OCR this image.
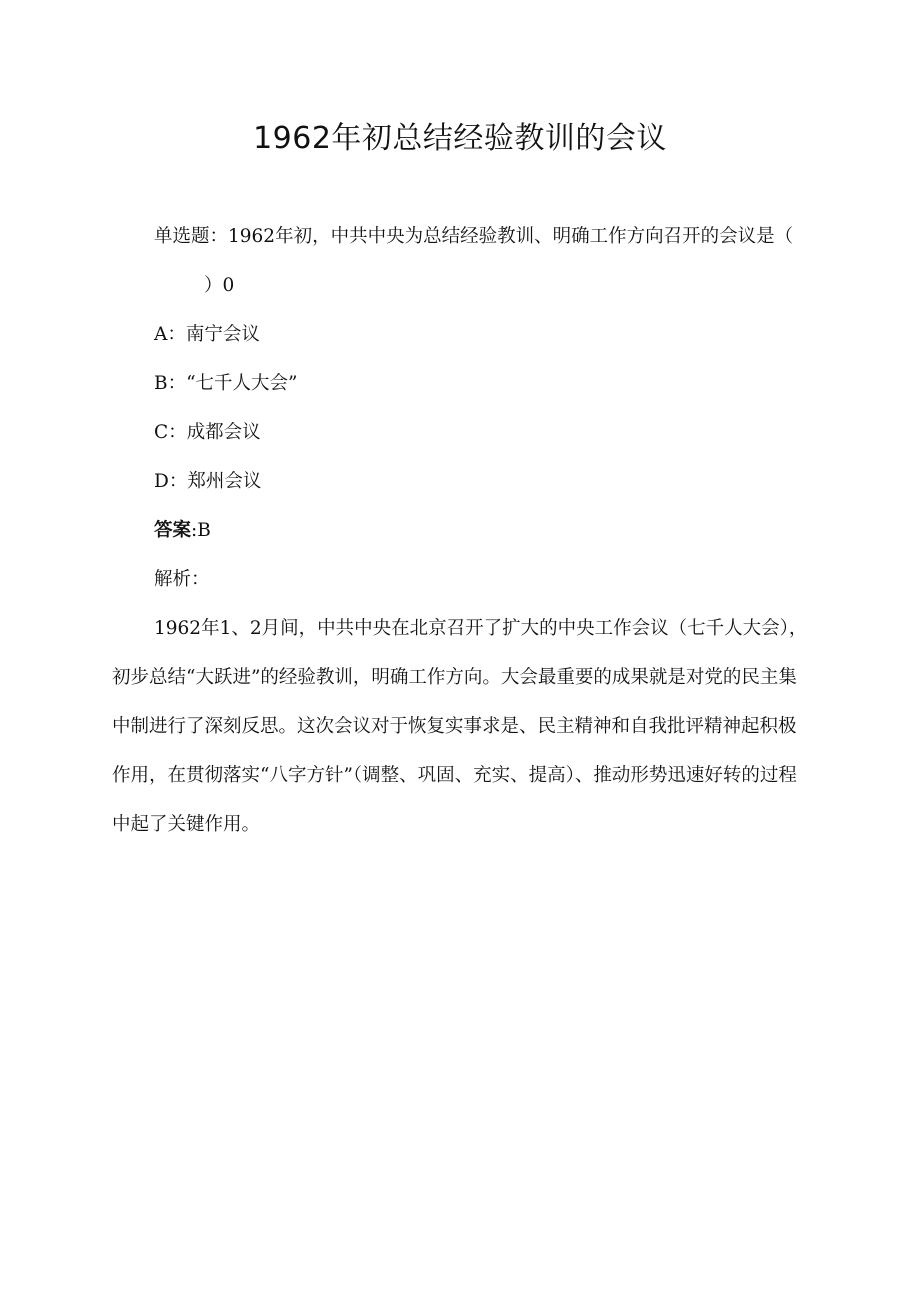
1962年初总结经验教训的会议

单选题：1962年初，中共中央为总结经验教训、明确工作方向召开的会议是（）0

A：南宁会议

B：“七千人大会”

C：成都会议

D：郑州会议

答案:B

解析：

1962年1、2月间，中共中央在北京召开了扩大的中央工作会议（七千人大会），初步总结“大跃进”的经验教训，明确工作方向。大会最重要的成果就是对党的民主集中制进行了深刻反思。这次会议对于恢复实事求是、民主精神和自我批评精神起积极作用，在贯彻落实“八字方针”（调整、巩固、充实、提高）、推动形势迅速好转的过程中起了关键作用。
